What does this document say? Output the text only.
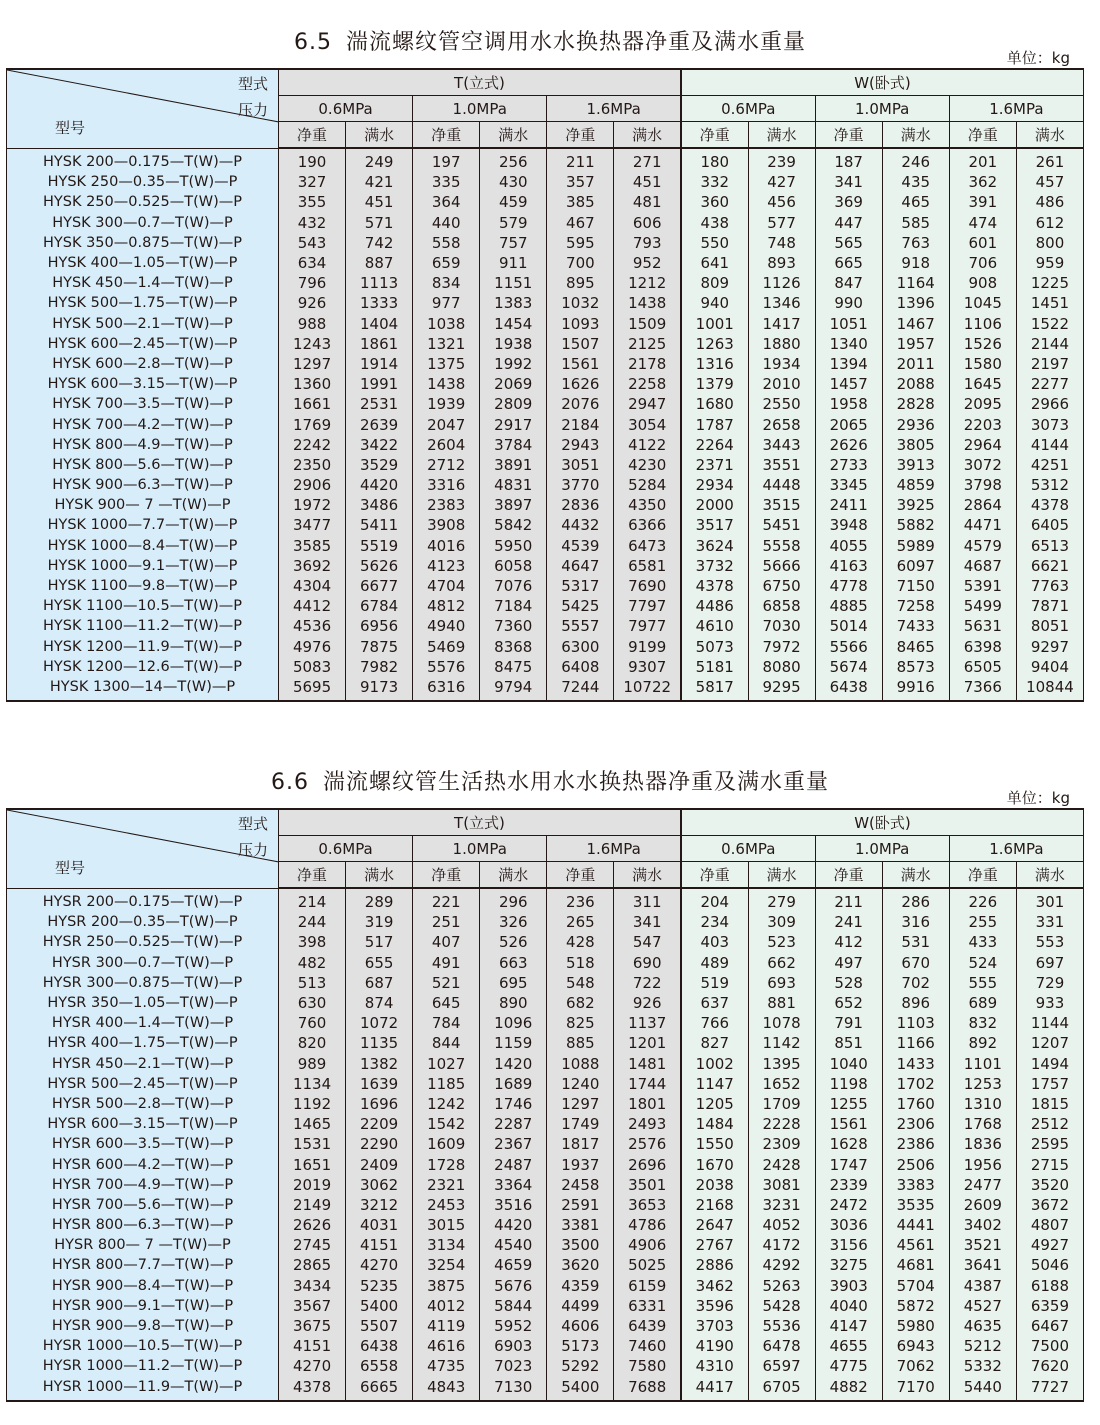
6.5 湍流螺纹管空调用水水换热器净重及满水重量
单位：kg
型式
压力
型号	T(立式)						W(卧式)					
	0.6MPa		1.0MPa		1.6MPa		0.6MPa		1.0MPa		1.6MPa	
	净重	满水	净重	满水	净重	满水	净重	满水	净重	满水	净重	满水
HYSK 200—0.175—T(W)—P	190	249	197	256	211	271	180	239	187	246	201	261
HYSK 250—0.35—T(W)—P	327	421	335	430	357	451	332	427	341	435	362	457
HYSK 250—0.525—T(W)—P	355	451	364	459	385	481	360	456	369	465	391	486
HYSK 300—0.7—T(W)—P	432	571	440	579	467	606	438	577	447	585	474	612
HYSK 350—0.875—T(W)—P	543	742	558	757	595	793	550	748	565	763	601	800
HYSK 400—1.05—T(W)—P	634	887	659	911	700	952	641	893	665	918	706	959
HYSK 450—1.4—T(W)—P	796	1113	834	1151	895	1212	809	1126	847	1164	908	1225
HYSK 500—1.75—T(W)—P	926	1333	977	1383	1032	1438	940	1346	990	1396	1045	1451
HYSK 500—2.1—T(W)—P	988	1404	1038	1454	1093	1509	1001	1417	1051	1467	1106	1522
HYSK 600—2.45—T(W)—P	1243	1861	1321	1938	1507	2125	1263	1880	1340	1957	1526	2144
HYSK 600—2.8—T(W)—P	1297	1914	1375	1992	1561	2178	1316	1934	1394	2011	1580	2197
HYSK 600—3.15—T(W)—P	1360	1991	1438	2069	1626	2258	1379	2010	1457	2088	1645	2277
HYSK 700—3.5—T(W)—P	1661	2531	1939	2809	2076	2947	1680	2550	1958	2828	2095	2966
HYSK 700—4.2—T(W)—P	1769	2639	2047	2917	2184	3054	1787	2658	2065	2936	2203	3073
HYSK 800—4.9—T(W)—P	2242	3422	2604	3784	2943	4122	2264	3443	2626	3805	2964	4144
HYSK 800—5.6—T(W)—P	2350	3529	2712	3891	3051	4230	2371	3551	2733	3913	3072	4251
HYSK 900—6.3—T(W)—P	2906	4420	3316	4831	3770	5284	2934	4448	3345	4859	3798	5312
HYSK 900— 7 —T(W)—P	1972	3486	2383	3897	2836	4350	2000	3515	2411	3925	2864	4378
HYSK 1000—7.7—T(W)—P	3477	5411	3908	5842	4432	6366	3517	5451	3948	5882	4471	6405
HYSK 1000—8.4—T(W)—P	3585	5519	4016	5950	4539	6473	3624	5558	4055	5989	4579	6513
HYSK 1000—9.1—T(W)—P	3692	5626	4123	6058	4647	6581	3732	5666	4163	6097	4687	6621
HYSK 1100—9.8—T(W)—P	4304	6677	4704	7076	5317	7690	4378	6750	4778	7150	5391	7763
HYSK 1100—10.5—T(W)—P	4412	6784	4812	7184	5425	7797	4486	6858	4885	7258	5499	7871
HYSK 1100—11.2—T(W)—P	4536	6956	4940	7360	5557	7977	4610	7030	5014	7433	5631	8051
HYSK 1200—11.9—T(W)—P	4976	7875	5469	8368	6300	9199	5073	7972	5566	8465	6398	9297
HYSK 1200—12.6—T(W)—P	5083	7982	5576	8475	6408	9307	5181	8080	5674	8573	6505	9404
HYSK 1300—14—T(W)—P	5695	9173	6316	9794	7244	10722	5817	9295	6438	9916	7366	10844
6.6 湍流螺纹管生活热水用水水换热器净重及满水重量
单位：kg
型式
压力
型号	T(立式)						W(卧式)					
	0.6MPa		1.0MPa		1.6MPa		0.6MPa		1.0MPa		1.6MPa	
	净重	满水	净重	满水	净重	满水	净重	满水	净重	满水	净重	满水
HYSR 200—0.175—T(W)—P	214	289	221	296	236	311	204	279	211	286	226	301
HYSR 200—0.35—T(W)—P	244	319	251	326	265	341	234	309	241	316	255	331
HYSR 250—0.525—T(W)—P	398	517	407	526	428	547	403	523	412	531	433	553
HYSR 300—0.7—T(W)—P	482	655	491	663	518	690	489	662	497	670	524	697
HYSR 300—0.875—T(W)—P	513	687	521	695	548	722	519	693	528	702	555	729
HYSR 350—1.05—T(W)—P	630	874	645	890	682	926	637	881	652	896	689	933
HYSR 400—1.4—T(W)—P	760	1072	784	1096	825	1137	766	1078	791	1103	832	1144
HYSR 400—1.75—T(W)—P	820	1135	844	1159	885	1201	827	1142	851	1166	892	1207
HYSR 450—2.1—T(W)—P	989	1382	1027	1420	1088	1481	1002	1395	1040	1433	1101	1494
HYSR 500—2.45—T(W)—P	1134	1639	1185	1689	1240	1744	1147	1652	1198	1702	1253	1757
HYSR 500—2.8—T(W)—P	1192	1696	1242	1746	1297	1801	1205	1709	1255	1760	1310	1815
HYSR 600—3.15—T(W)—P	1465	2209	1542	2287	1749	2493	1484	2228	1561	2306	1768	2512
HYSR 600—3.5—T(W)—P	1531	2290	1609	2367	1817	2576	1550	2309	1628	2386	1836	2595
HYSR 600—4.2—T(W)—P	1651	2409	1728	2487	1937	2696	1670	2428	1747	2506	1956	2715
HYSR 700—4.9—T(W)—P	2019	3062	2321	3364	2458	3501	2038	3081	2339	3383	2477	3520
HYSR 700—5.6—T(W)—P	2149	3212	2453	3516	2591	3653	2168	3231	2472	3535	2609	3672
HYSR 800—6.3—T(W)—P	2626	4031	3015	4420	3381	4786	2647	4052	3036	4441	3402	4807
HYSR 800— 7 —T(W)—P	2745	4151	3134	4540	3500	4906	2767	4172	3156	4561	3521	4927
HYSR 800—7.7—T(W)—P	2865	4270	3254	4659	3620	5025	2886	4292	3275	4681	3641	5046
HYSR 900—8.4—T(W)—P	3434	5235	3875	5676	4359	6159	3462	5263	3903	5704	4387	6188
HYSR 900—9.1—T(W)—P	3567	5400	4012	5844	4499	6331	3596	5428	4040	5872	4527	6359
HYSR 900—9.8—T(W)—P	3675	5507	4119	5952	4606	6439	3703	5536	4147	5980	4635	6467
HYSR 1000—10.5—T(W)—P	4151	6438	4616	6903	5173	7460	4190	6478	4655	6943	5212	7500
HYSR 1000—11.2—T(W)—P	4270	6558	4735	7023	5292	7580	4310	6597	4775	7062	5332	7620
HYSR 1000—11.9—T(W)—P	4378	6665	4843	7130	5400	7688	4417	6705	4882	7170	5440	7727
